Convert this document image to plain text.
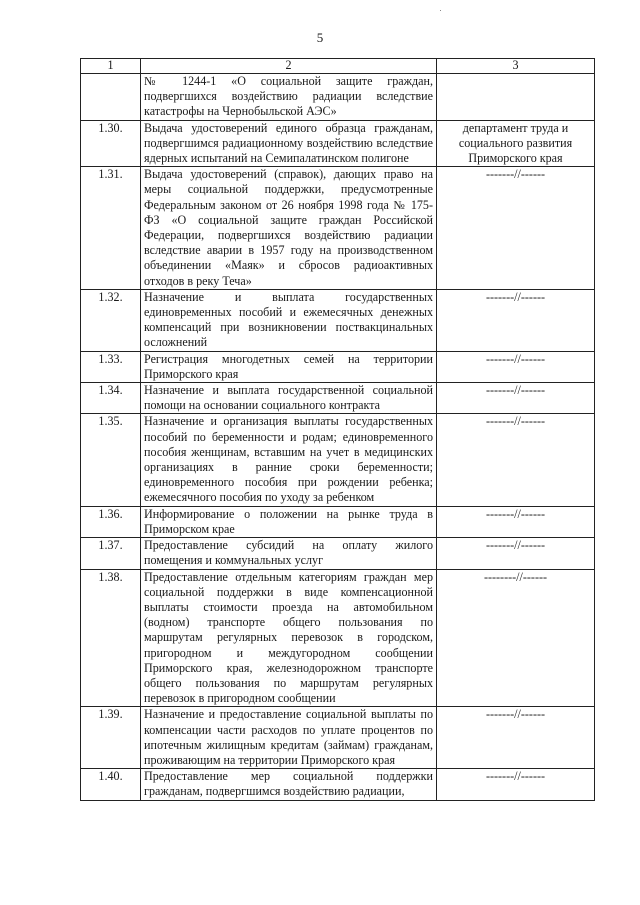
5
1	2	3
	№ 1244-1 «О социальной защите граждан, подвергшихся воздействию радиации вследствие катастрофы на Чернобыльской АЭС»	
1.30.	Выдача удостоверений единого образца гражданам, подвергшимся радиационному воздействию вследствие ядерных испытаний на Семипалатинском полигоне	департамент труда и социального развития Приморского края
1.31.	Выдача удостоверений (справок), дающих право на меры социальной поддержки, предусмотренные Федеральным законом от 26 ноября 1998 года № 175-ФЗ «О социальной защите граждан Российской Федерации, подвергшихся воздействию радиации вследствие аварии в 1957 году на производственном объединении «Маяк» и сбросов радиоактивных отходов в реку Теча»	-------//------
1.32.	Назначение и выплата государственных единовременных пособий и ежемесячных денежных компенсаций при возникновении поствакцинальных осложнений	-------//------
1.33.	Регистрация многодетных семей на территории Приморского края	-------//------
1.34.	Назначение и выплата государственной социальной помощи на основании социального контракта	-------//------
1.35.	Назначение и организация выплаты государственных пособий по беременности и родам; единовременного пособия женщинам, вставшим на учет в медицинских организациях в ранние сроки беременности; единовременного пособия при рождении ребенка; ежемесячного пособия по уходу за ребенком	-------//------
1.36.	Информирование о положении на рынке труда в Приморском крае	-------//------
1.37.	Предоставление субсидий на оплату жилого помещения и коммунальных услуг	-------//------
1.38.	Предоставление отдельным категориям граждан мер социальной поддержки в виде компенсационной выплаты стоимости проезда на автомобильном (водном) транспорте общего пользования по маршрутам регулярных перевозок в городском, пригородном и междугородном сообщении Приморского края, железнодорожном транспорте общего пользования по маршрутам регулярных перевозок в пригородном сообщении	--------//------
1.39.	Назначение и предоставление социальной выплаты по компенсации части расходов по уплате процентов по ипотечным жилищным кредитам (займам) гражданам, проживающим на территории Приморского края	-------//------
1.40.	Предоставление мер социальной поддержки гражданам, подвергшимся воздействию радиации,	-------//------
